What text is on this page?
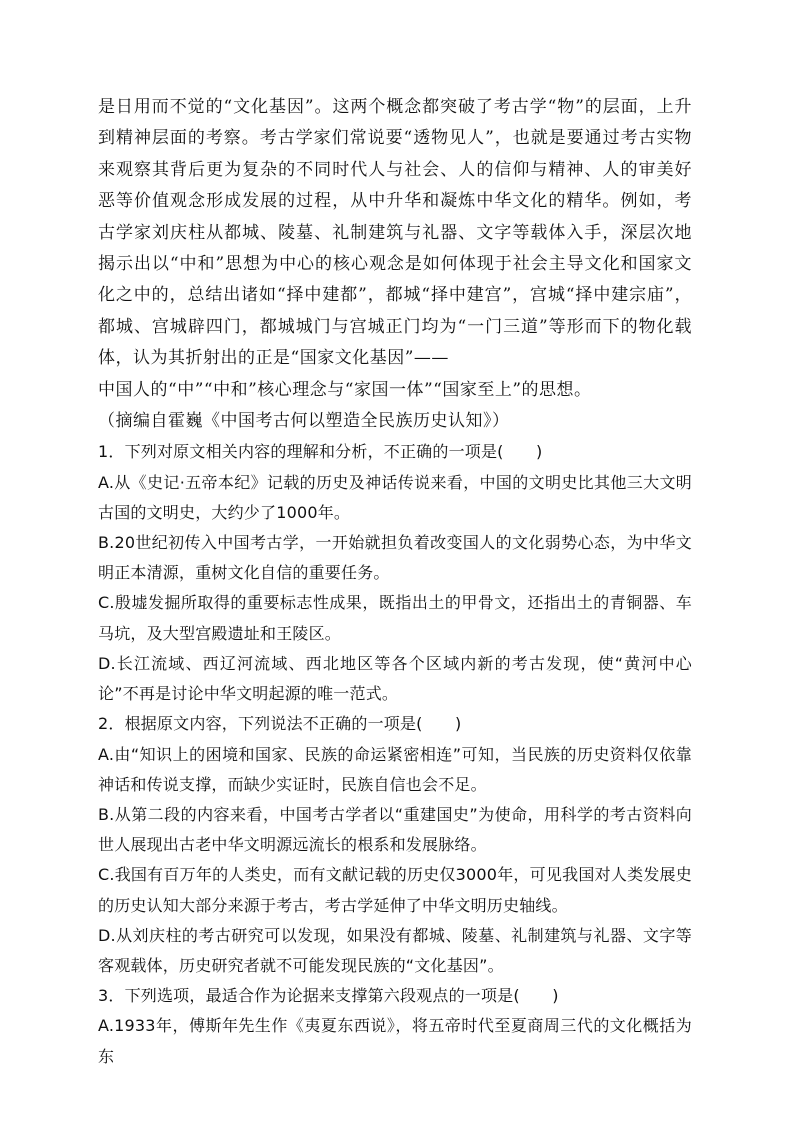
是日用而不觉的“文化基因”。这两个概念都突破了考古学“物”的层面，上升到精神层面的考察。考古学家们常说要“透物见人”，也就是要通过考古实物来观察其背后更为复杂的不同时代人与社会、人的信仰与精神、人的审美好恶等价值观念形成发展的过程，从中升华和凝炼中华文化的精华。例如，考古学家刘庆柱从都城、陵墓、礼制建筑与礼器、文字等载体入手，深层次地揭示出以“中和”思想为中心的核心观念是如何体现于社会主导文化和国家文化之中的，总结出诸如“择中建都”，都城“择中建宫”，宫城“择中建宗庙”，都城、宫城辟四门，都城城门与宫城正门均为“一门三道”等形而下的物化载体，认为其折射出的正是“国家文化基因”——

中国人的“中”“中和”核心理念与“家国一体”“国家至上”的思想。

（摘编自霍巍《中国考古何以塑造全民族历史认知》）

1．下列对原文相关内容的理解和分析，不正确的一项是(  )

A.从《史记·五帝本纪》记载的历史及神话传说来看，中国的文明史比其他三大文明古国的文明史，大约少了1000年。

B.20世纪初传入中国考古学，一开始就担负着改变国人的文化弱势心态，为中华文明正本清源，重树文化自信的重要任务。

C.殷墟发掘所取得的重要标志性成果，既指出土的甲骨文，还指出土的青铜器、车马坑，及大型宫殿遗址和王陵区。

D.长江流域、西辽河流域、西北地区等各个区域内新的考古发现，使“黄河中心论”不再是讨论中华文明起源的唯一范式。

2．根据原文内容，下列说法不正确的一项是(  )

A.由“知识上的困境和国家、民族的命运紧密相连”可知，当民族的历史资料仅依靠神话和传说支撑，而缺少实证时，民族自信也会不足。

B.从第二段的内容来看，中国考古学者以“重建国史”为使命，用科学的考古资料向世人展现出古老中华文明源远流长的根系和发展脉络。

C.我国有百万年的人类史，而有文献记载的历史仅3000年，可见我国对人类发展史的历史认知大部分来源于考古，考古学延伸了中华文明历史轴线。

D.从刘庆柱的考古研究可以发现，如果没有都城、陵墓、礼制建筑与礼器、文字等客观载体，历史研究者就不可能发现民族的“文化基因”。

3．下列选项，最适合作为论据来支撑第六段观点的一项是(  )

A.1933年，傅斯年先生作《夷夏东西说》，将五帝时代至夏商周三代的文化概括为东
